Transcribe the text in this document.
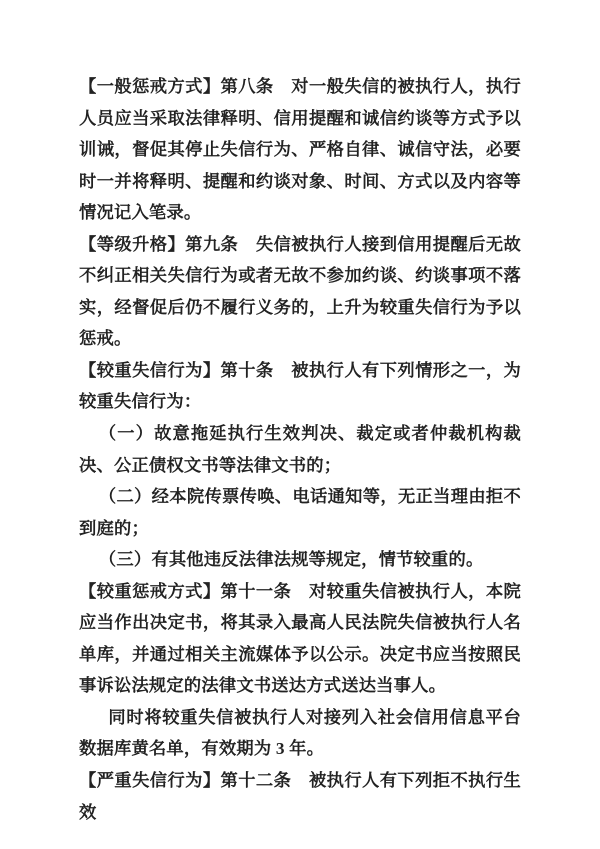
【一般惩戒方式】第八条　对一般失信的被执行人，执行人员应当采取法律释明、信用提醒和诚信约谈等方式予以训诫，督促其停止失信行为、严格自律、诚信守法，必要时一并将释明、提醒和约谈对象、时间、方式以及内容等情况记入笔录。

【等级升格】第九条　失信被执行人接到信用提醒后无故不纠正相关失信行为或者无故不参加约谈、约谈事项不落实，经督促后仍不履行义务的，上升为较重失信行为予以惩戒。

【较重失信行为】第十条　被执行人有下列情形之一，为较重失信行为：

（一）故意拖延执行生效判决、裁定或者仲裁机构裁决、公正债权文书等法律文书的；

（二）经本院传票传唤、电话通知等，无正当理由拒不到庭的；

（三）有其他违反法律法规等规定，情节较重的。

【较重惩戒方式】第十一条　对较重失信被执行人，本院应当作出决定书，将其录入最高人民法院失信被执行人名单库，并通过相关主流媒体予以公示。决定书应当按照民事诉讼法规定的法律文书送达方式送达当事人。

同时将较重失信被执行人对接列入社会信用信息平台数据库黄名单，有效期为 3 年。

【严重失信行为】第十二条　被执行人有下列拒不执行生效
